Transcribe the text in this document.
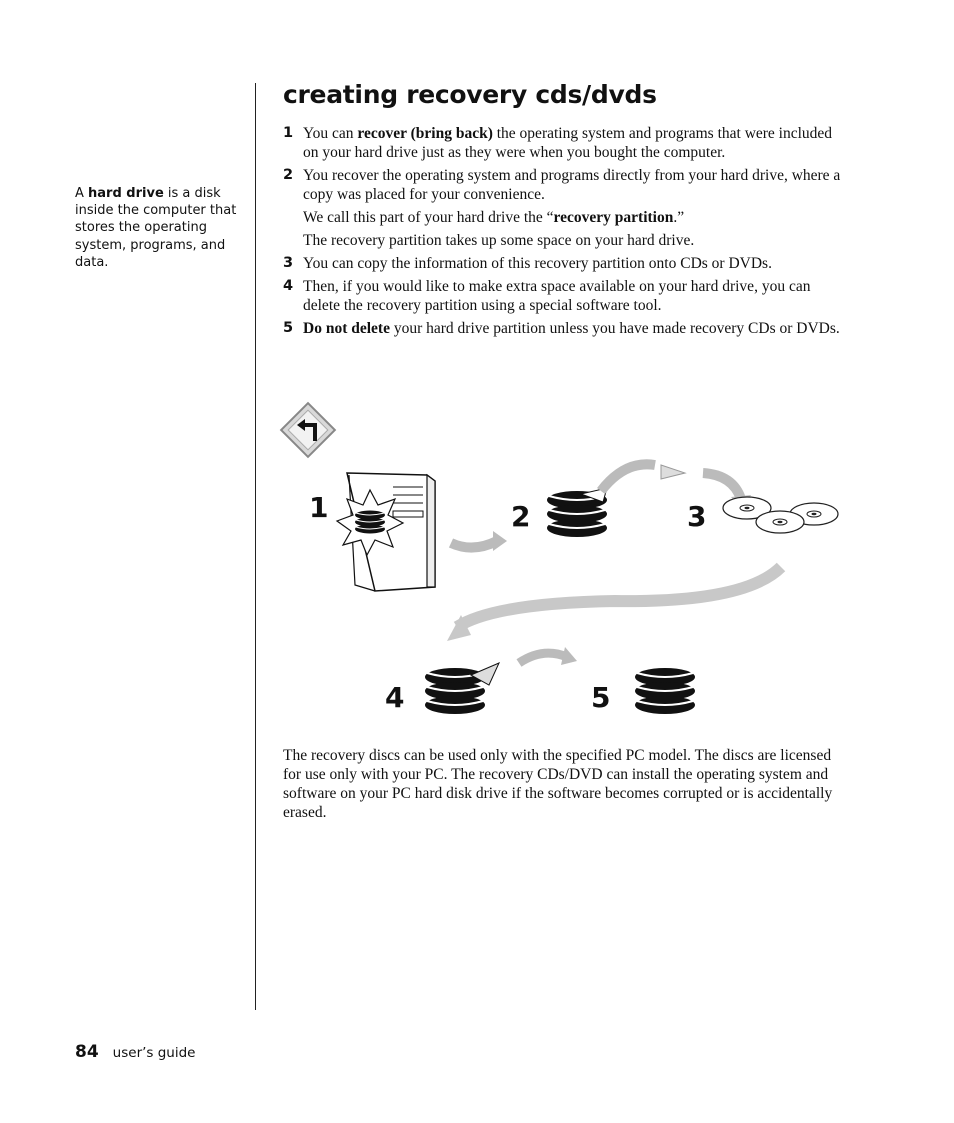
A hard drive is a disk inside the computer that stores the operating system, programs, and data.
creating recovery cds/dvds
1 You can recover (bring back) the operating system and programs that were included on your hard drive just as they were when you bought the computer.
2 You recover the operating system and programs directly from your hard drive, where a copy was placed for your convenience.
We call this part of your hard drive the “recovery partition.”
The recovery partition takes up some space on your hard drive.
3 You can copy the information of this recovery partition onto CDs or DVDs.
4 Then, if you would like to make extra space available on your hard drive, you can delete the recovery partition using a special software tool.
5 Do not delete your hard drive partition unless you have made recovery CDs or DVDs.
1	2	3
4	5
The recovery discs can be used only with the specified PC model. The discs are licensed for use only with your PC. The recovery CDs/DVD can install the operating system and software on your PC hard disk drive if the software becomes corrupted or is accidentally erased.
84 user’s guide
